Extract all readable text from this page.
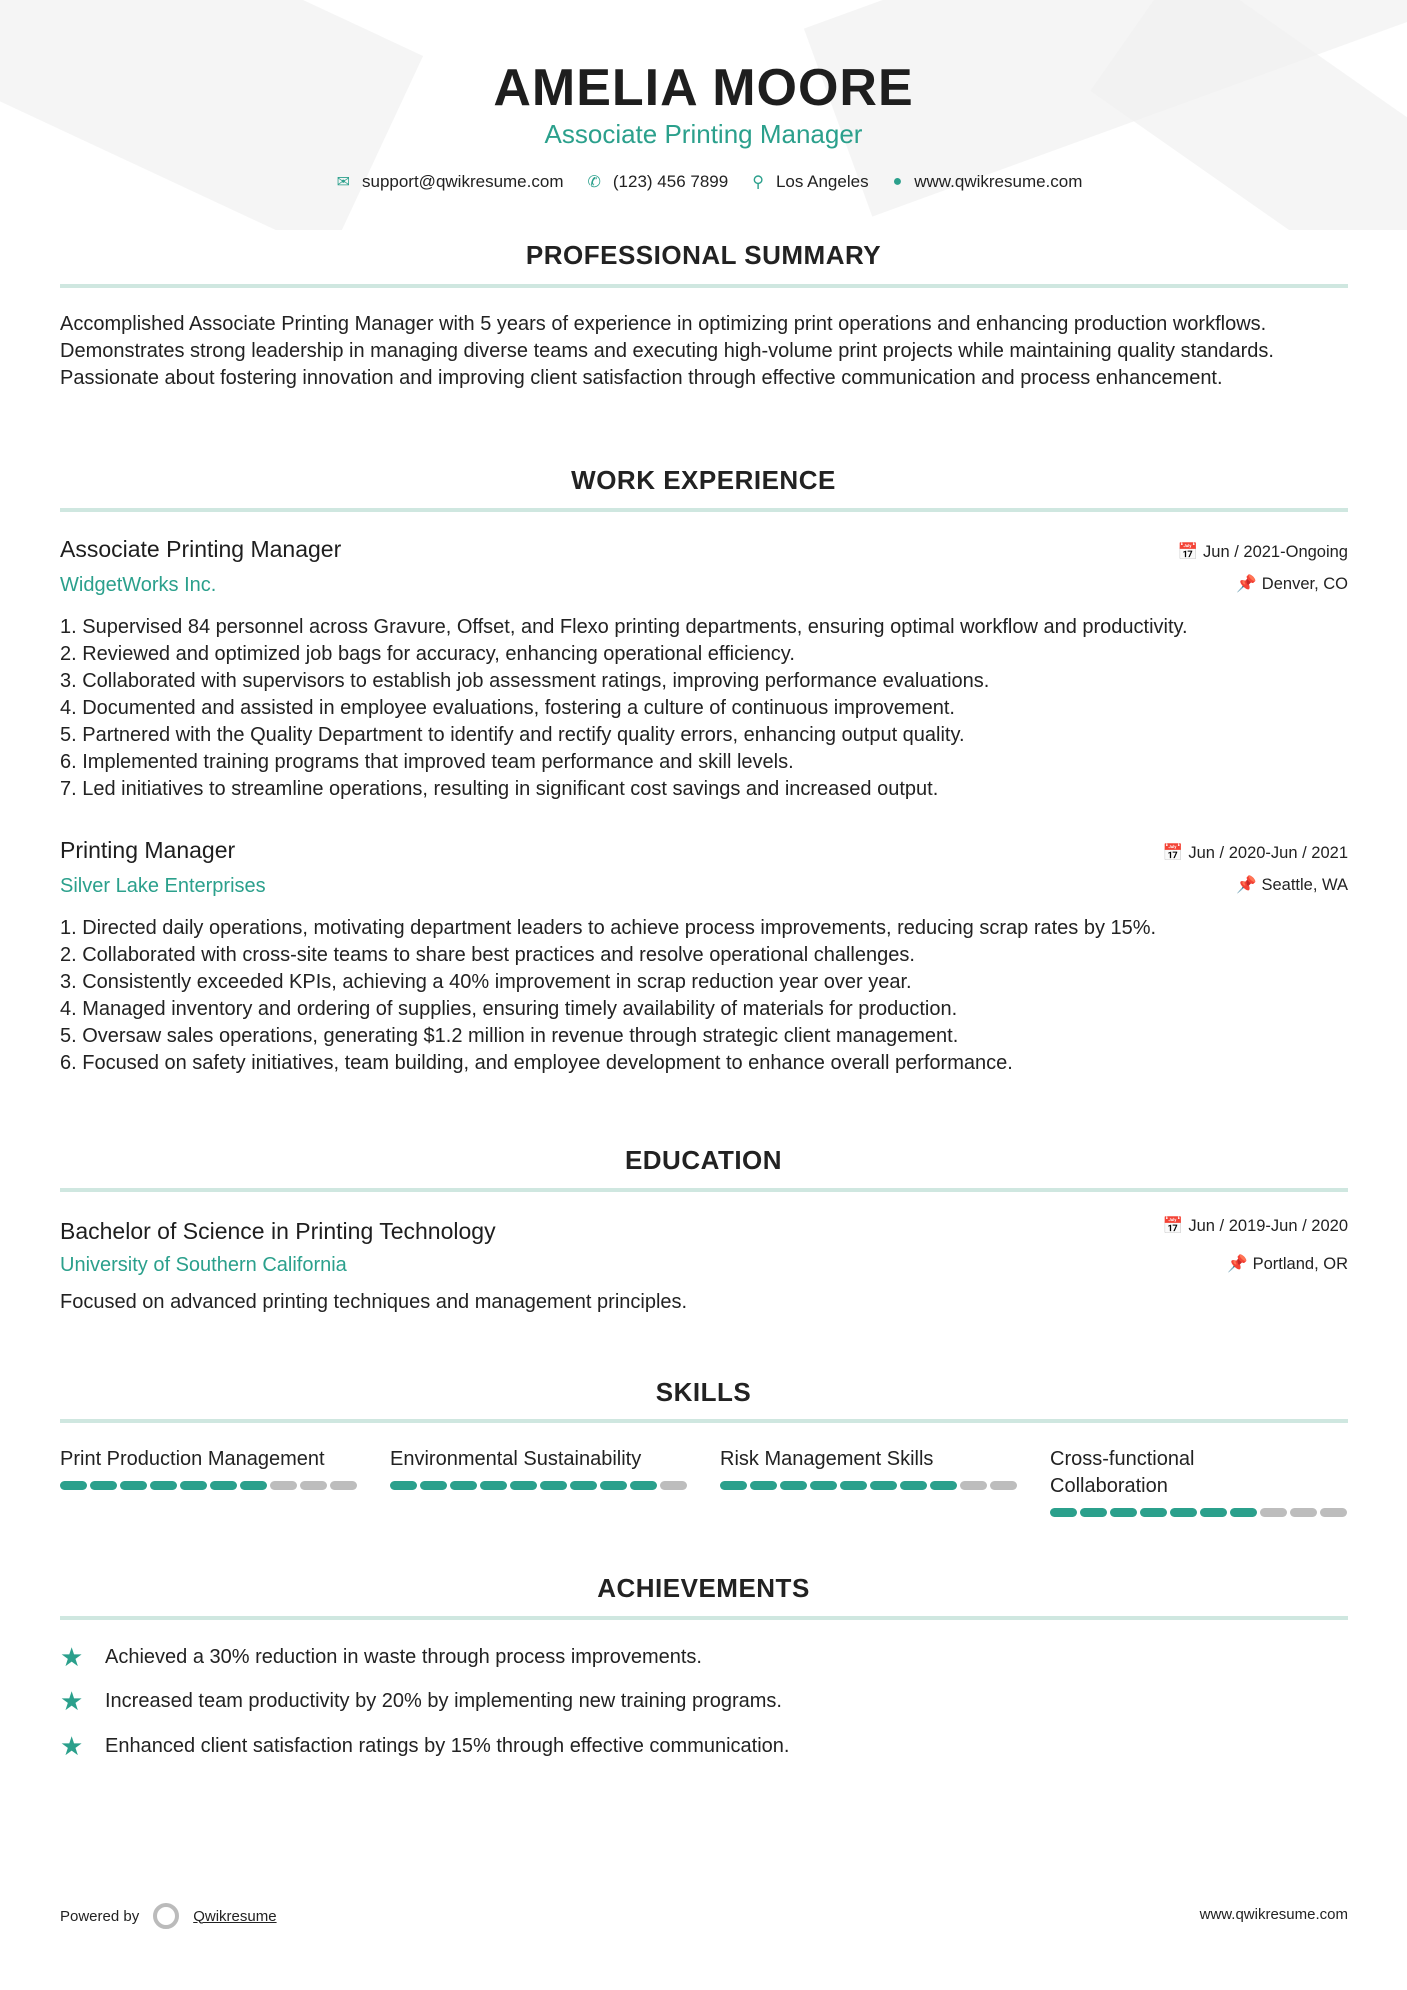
AMELIA MOORE
Associate Printing Manager
✉ support@qwikresume.com ✆ (123) 456 7899 ⚲ Los Angeles ● www.qwikresume.com
PROFESSIONAL SUMMARY
Accomplished Associate Printing Manager with 5 years of experience in optimizing print operations and enhancing production workflows. Demonstrates strong leadership in managing diverse teams and executing high-volume print projects while maintaining quality standards. Passionate about fostering innovation and improving client satisfaction through effective communication and process enhancement.
WORK EXPERIENCE
Associate Printing Manager	📅 Jun / 2021-Ongoing
WidgetWorks Inc.	📌 Denver, CO
1. Supervised 84 personnel across Gravure, Offset, and Flexo printing departments, ensuring optimal workflow and productivity.
2. Reviewed and optimized job bags for accuracy, enhancing operational efficiency.
3. Collaborated with supervisors to establish job assessment ratings, improving performance evaluations.
4. Documented and assisted in employee evaluations, fostering a culture of continuous improvement.
5. Partnered with the Quality Department to identify and rectify quality errors, enhancing output quality.
6. Implemented training programs that improved team performance and skill levels.
7. Led initiatives to streamline operations, resulting in significant cost savings and increased output.
Printing Manager	📅 Jun / 2020-Jun / 2021
Silver Lake Enterprises	📌 Seattle, WA
1. Directed daily operations, motivating department leaders to achieve process improvements, reducing scrap rates by 15%.
2. Collaborated with cross-site teams to share best practices and resolve operational challenges.
3. Consistently exceeded KPIs, achieving a 40% improvement in scrap reduction year over year.
4. Managed inventory and ordering of supplies, ensuring timely availability of materials for production.
5. Oversaw sales operations, generating $1.2 million in revenue through strategic client management.
6. Focused on safety initiatives, team building, and employee development to enhance overall performance.
EDUCATION
Bachelor of Science in Printing Technology	📅 Jun / 2019-Jun / 2020
University of Southern California	📌 Portland, OR
Focused on advanced printing techniques and management principles.
SKILLS
Print Production Management	Environmental Sustainability	Risk Management Skills	Cross-functional Collaboration
ACHIEVEMENTS
★	Achieved a 30% reduction in waste through process improvements.
★	Increased team productivity by 20% by implementing new training programs.
★	Enhanced client satisfaction ratings by 15% through effective communication.
Powered by	Qwikresume	www.qwikresume.com
